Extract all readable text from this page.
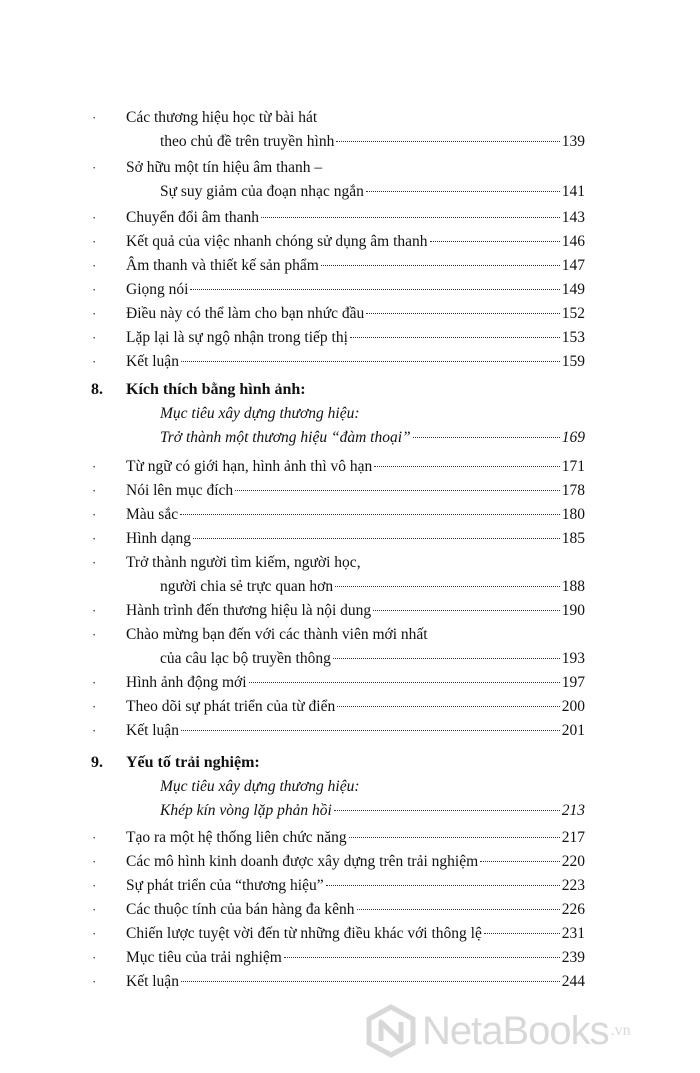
· Các thương hiệu học từ bài hát
theo chủ đề trên truyền hình	139
· Sở hữu một tín hiệu âm thanh –
Sự suy giảm của đoạn nhạc ngắn	141
· Chuyển đổi âm thanh	143
· Kết quả của việc nhanh chóng sử dụng âm thanh	146
· Âm thanh và thiết kế sản phẩm	147
· Giọng nói	149
· Điều này có thể làm cho bạn nhức đầu	152
· Lặp lại là sự ngộ nhận trong tiếp thị	153
· Kết luận	159
8. Kích thích bằng hình ảnh:
Mục tiêu xây dựng thương hiệu:
Trở thành một thương hiệu “đàm thoại”	169
· Từ ngữ có giới hạn, hình ảnh thì vô hạn	171
· Nói lên mục đích	178
· Màu sắc	180
· Hình dạng	185
· Trở thành người tìm kiếm, người học,
người chia sẻ trực quan hơn	188
· Hành trình đến thương hiệu là nội dung	190
· Chào mừng bạn đến với các thành viên mới nhất
của câu lạc bộ truyền thông	193
· Hình ảnh động mới	197
· Theo dõi sự phát triển của từ điển	200
· Kết luận	201
9. Yếu tố trải nghiệm:
Mục tiêu xây dựng thương hiệu:
Khép kín vòng lặp phản hồi	213
· Tạo ra một hệ thống liên chức năng	217
· Các mô hình kinh doanh được xây dựng trên trải nghiệm	220
· Sự phát triển của “thương hiệu”	223
· Các thuộc tính của bán hàng đa kênh	226
· Chiến lược tuyệt vời đến từ những điều khác với thông lệ	231
· Mục tiêu của trải nghiệm	239
· Kết luận	244
NetaBooks .vn
